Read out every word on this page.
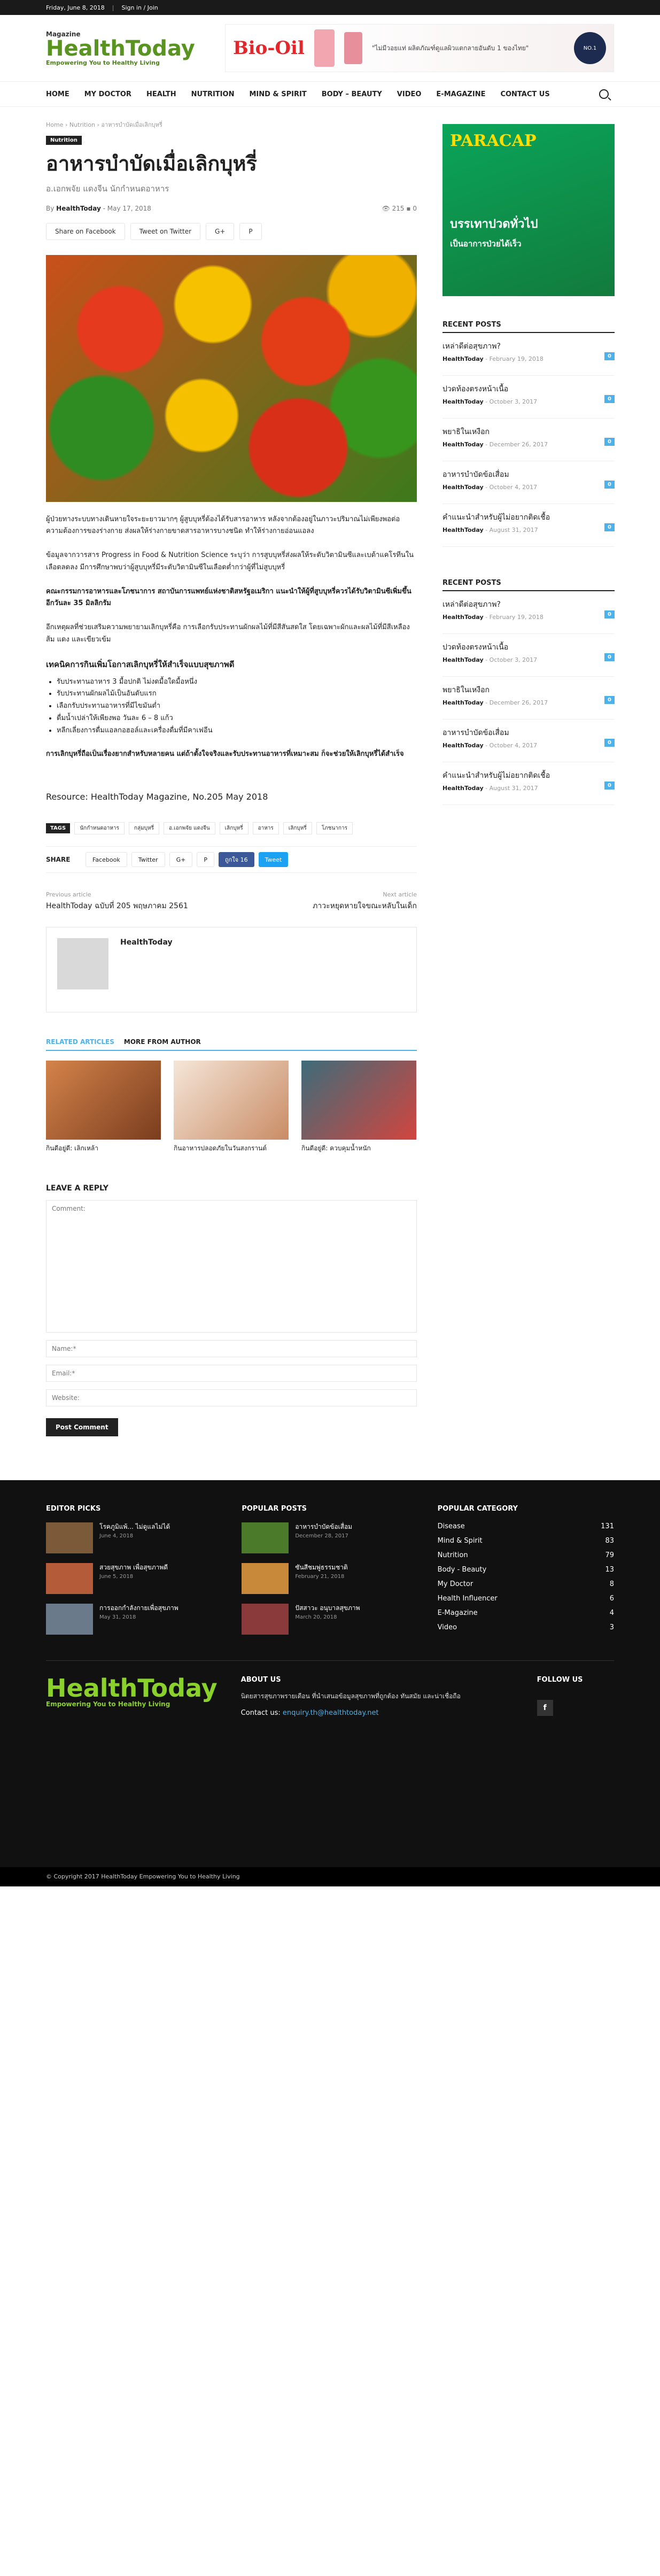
Friday, June 8, 2018 | Sign in / Join
Magazine
HealthToday
Empowering You to Healthy Living
Bio-Oil	"ไม่มีวอยแท่ ผลิตภัณฑ์ดูแลผิวแตกลายอันดับ 1 ของไทย"	NO.1
HOME MY DOCTOR HEALTH NUTRITION MIND & SPIRIT BODY – BEAUTY VIDEO E-MAGAZINE CONTACT US
Home › Nutrition › อาหารบำบัดเมื่อเลิกบุหรี่
Nutrition
อาหารบำบัดเมื่อเลิกบุหรี่
อ.เอกพจัย แดงจีน นักกำหนดอาหาร
By HealthToday - May 17, 2018	👁 215 ▪ 0
Share on Facebook	Tweet on Twitter	G+	P

ผู้ป่วยทางระบบทางเดินหายใจระยะยาวมากๆ ผู้สูบบุหรี่ต้องได้รับสารอาหาร หลังจากต้องอยู่ในภาวะปริมาณไม่เพียงพอต่อความต้องการของร่างกาย ส่งผลให้ร่างกายขาดสารอาหารบางชนิด ทำให้ร่างกายอ่อนแอลง

ข้อมูลจากวารสาร Progress in Food & Nutrition Science ระบุว่า การสูบบุหรี่ส่งผลให้ระดับวิตามินซีและเบต้าแคโรทีนในเลือดลดลง มีการศึกษาพบว่าผู้สูบบุหรี่มีระดับวิตามินซีในเลือดต่ำกว่าผู้ที่ไม่สูบบุหรี่

คณะกรรมการอาหารและโภชนาการ สถาบันการแพทย์แห่งชาติสหรัฐอเมริกา แนะนำให้ผู้ที่สูบบุหรี่ควรได้รับวิตามินซีเพิ่มขึ้นอีกวันละ 35 มิลลิกรัม

อีกเหตุผลที่ช่วยเสริมความพยายามเลิกบุหรี่คือ การเลือกรับประทานผักผลไม้ที่มีสีสันสดใส โดยเฉพาะผักและผลไม้ที่มีสีเหลือง ส้ม แดง และเขียวเข้ม

เทคนิคการกินเพิ่มโอกาสเลิกบุหรี่ให้สำเร็จแบบสุขภาพดี
• รับประทานอาหาร 3 มื้อปกติ ไม่งดมื้อใดมื้อหนึ่ง
• รับประทานผักผลไม้เป็นอันดับแรก
• เลือกรับประทานอาหารที่มีไขมันต่ำ
• ดื่มน้ำเปล่าให้เพียงพอ วันละ 6 – 8 แก้ว
• หลีกเลี่ยงการดื่มแอลกอฮอล์และเครื่องดื่มที่มีคาเฟอีน

การเลิกบุหรี่ถือเป็นเรื่องยากสำหรับหลายคน แต่ถ้าตั้งใจจริงและรับประทานอาหารที่เหมาะสม ก็จะช่วยให้เลิกบุหรี่ได้สำเร็จ

Resource: HealthToday Magazine, No.205 May 2018
TAGS	นักกำหนดอาหาร	กลุ่มบุหรี่	อ.เอกพจัย แดงจีน	เลิกบุหรี่	อาหาร	เลิกบุหรี่	โภชนาการ
SHARE	Facebook	Twitter	G+	P	ถูกใจ 16	Tweet
Previous article
HealthToday ฉบับที่ 205 พฤษภาคม 2561
Next article
ภาวะหยุดหายใจขณะหลับในเด็ก
HealthToday
RELATED ARTICLES MORE FROM AUTHOR
กินดีอยู่ดี: เลิกเหล้า	กินอาหารปลอดภัยในวันสงกรานต์	กินดีอยู่ดี: ควบคุมน้ำหนัก
LEAVE A REPLY
Comment:
Name:*
Email:*
Website:
Post Comment
PARACAP
บรรเทาปวดทั่วไป
เป็นอาการป่วยได้เร็ว
RECENT POSTS
เหล่าดีต่อสุขภาพ?
HealthToday - February 19, 2018	0
ปวดท้องตรงหน้าเนื้อ
HealthToday - October 3, 2017	0
พยาธิในเหงือก
HealthToday - December 26, 2017	0
อาหารบำบัดข้อเสื่อม
HealthToday - October 4, 2017	0
คำแนะนำสำหรับผู้ไม่อยากติดเชื้อ
HealthToday - August 31, 2017	0
RECENT POSTS
เหล่าดีต่อสุขภาพ?
HealthToday - February 19, 2018	0
ปวดท้องตรงหน้าเนื้อ
HealthToday - October 3, 2017	0
พยาธิในเหงือก
HealthToday - December 26, 2017	0
อาหารบำบัดข้อเสื่อม
HealthToday - October 4, 2017	0
คำแนะนำสำหรับผู้ไม่อยากติดเชื้อ
HealthToday - August 31, 2017	0
EDITOR PICKS
โรคภูมิแพ้... ไม่ดูแลไม่ได้
June 4, 2018
สวยสุขภาพ เพื่อสุขภาพดี
June 5, 2018
การออกกำลังกายเพื่อสุขภาพ
May 31, 2018
POPULAR POSTS
อาหารบำบัดข้อเสื่อม
December 28, 2017
ซันสีชมพู่ธรรมชาติ
February 21, 2018
ปัสสาวะ อนุบาลสุขภาพ
March 20, 2018
POPULAR CATEGORY
Disease	131
Mind & Spirit	83
Nutrition	79
Body - Beauty	13
My Doctor	8
Health Influencer	6
E-Magazine	4
Video	3
HealthToday
Empowering You to Healthy Living
ABOUT US

นิตยสารสุขภาพรายเดือน ที่นำเสนอข้อมูลสุขภาพที่ถูกต้อง ทันสมัย และน่าเชื่อถือ

Contact us: enquiry.th@healthtoday.net
FOLLOW US
f
© Copyright 2017 HealthToday Empowering You to Healthy Living
